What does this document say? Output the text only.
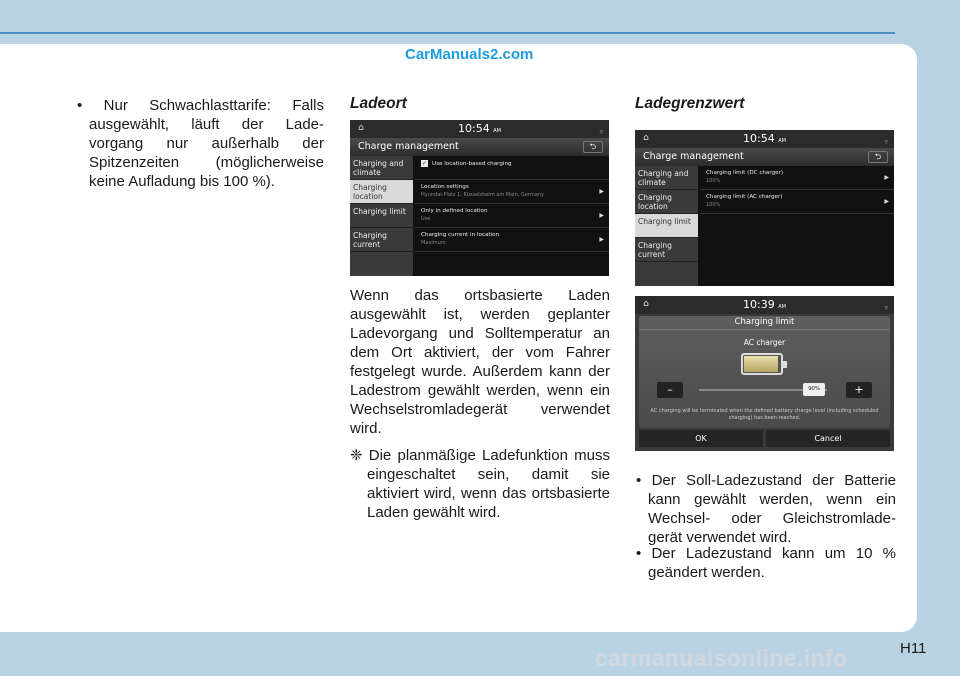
• Nur Schwachlasttarife: Falls ausgewählt, läuft der Lade-vorgang nur außerhalb der Spitzenzeiten (möglicherweise keine Aufladung bis 100 %).
Ladeort
CarManuals2.com
⌂	10:54 AM	▿
Charge management	⮌
Charging and climate
Charging location
Charging limit
Charging current
✓ Use location-based charging
Location settings
Hyundai-Platz 1, Rüsselsheim am Main, Germany	▶
Only in defined location
Use	▶
Charging current in location
Maximum	▶
Wenn das ortsbasierte Laden ausgewählt ist, werden geplanter Ladevorgang und Solltemperatur an dem Ort aktiviert, der vom Fahrer festgelegt wurde. Außerdem kann der Ladestrom gewählt werden, wenn ein Wechselstromladegerät verwendet wird.
❈ Die planmäßige Ladefunktion muss eingeschaltet sein, damit sie aktiviert wird, wenn das ortsbasierte Laden gewählt wird.
Ladegrenzwert
⌂	10:54 AM	▿
Charge management	⮌
Charging and climate
Charging location
Charging limit
Charging current
Charging limit (DC charger)
100%	▶
Charging limit (AC charger)
100%	▶
⌂	10:39 AM	▿
Charging limit
AC charger
–	90%	+
AC charging will be terminated when the defined battery charge level (including scheduled charging) has been reached.
OK	Cancel
• Der Soll-Ladezustand der Batterie kann gewählt werden, wenn ein Wechsel- oder Gleichstromlade-gerät verwendet wird.
• Der Ladezustand kann um 10 % geändert werden.
carmanualsonline.info	H11
